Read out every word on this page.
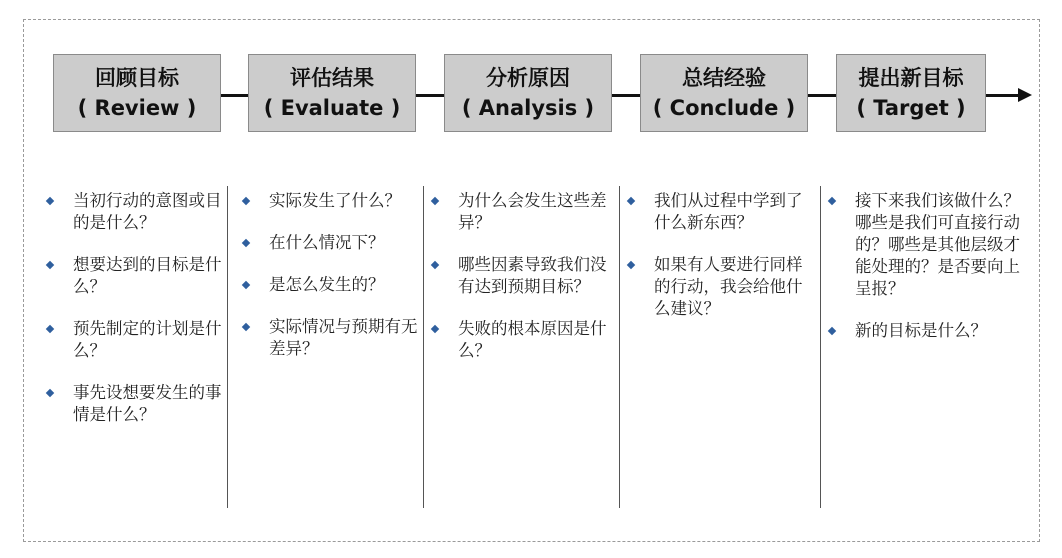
回顾目标
( Review )
评估结果
( Evaluate )
分析原因
( Analysis )
总结经验
( Conclude )
提出新目标
( Target )
当初行动的意图或目的是什么？
想要达到的目标是什么？
预先制定的计划是什么？
事先设想要发生的事情是什么？
实际发生了什么？
在什么情况下？
是怎么发生的？
实际情况与预期有无差异？
为什么会发生这些差异？
哪些因素导致我们没有达到预期目标？
失败的根本原因是什么？
我们从过程中学到了什么新东西？
如果有人要进行同样的行动，我会给他什么建议？
接下来我们该做什么？哪些是我们可直接行动的？哪些是其他层级才能处理的？是否要向上呈报？
新的目标是什么？
